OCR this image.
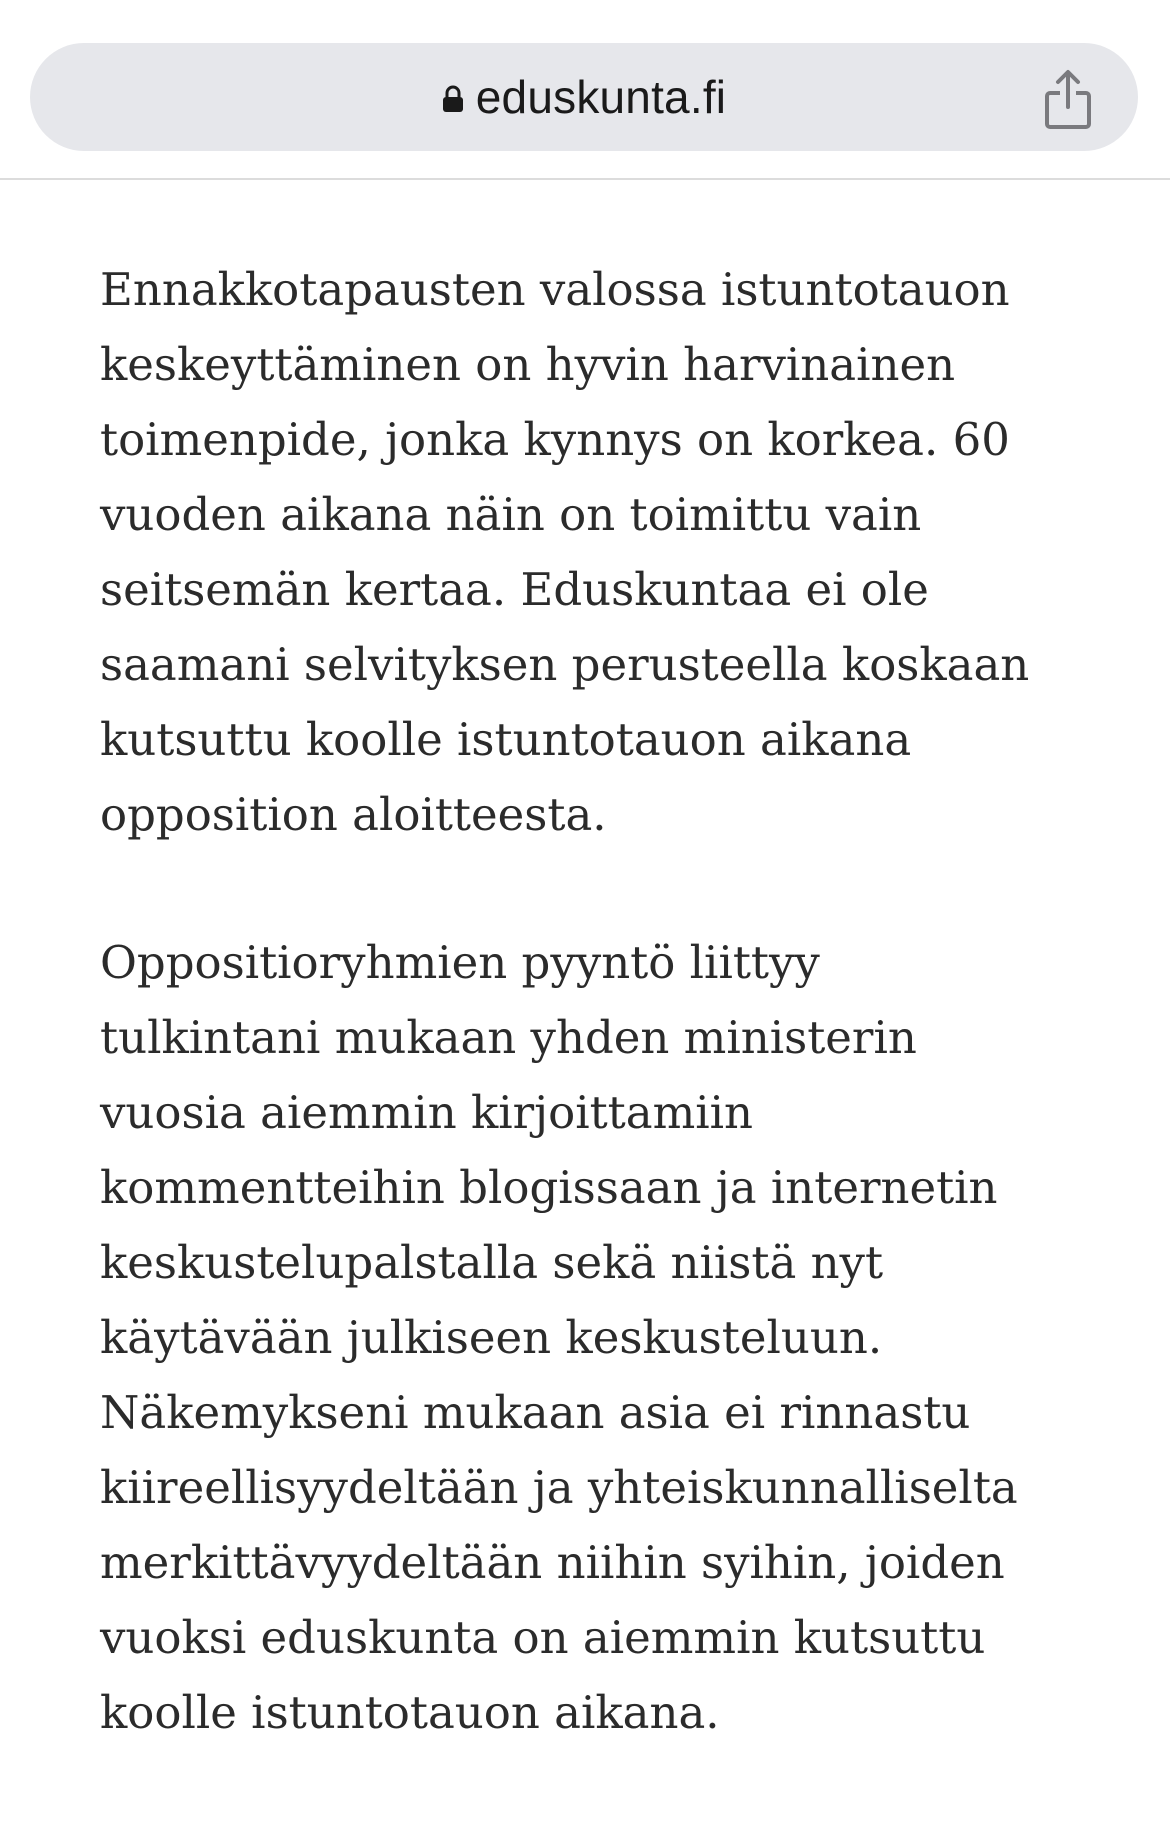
eduskunta.fi

Ennakkotapausten valossa istuntotauon
keskeyttäminen on hyvin harvinainen
toimenpide, jonka kynnys on korkea. 60
vuoden aikana näin on toimittu vain
seitsemän kertaa. Eduskuntaa ei ole
saamani selvityksen perusteella koskaan
kutsuttu koolle istuntotauon aikana
opposition aloitteesta.

Oppositioryhmien pyyntö liittyy
tulkintani mukaan yhden ministerin
vuosia aiemmin kirjoittamiin
kommentteihin blogissaan ja internetin
keskustelupalstalla sekä niistä nyt
käytävään julkiseen keskusteluun.
Näkemykseni mukaan asia ei rinnastu
kiireellisyydeltään ja yhteiskunnalliselta
merkittävyydeltään niihin syihin, joiden
vuoksi eduskunta on aiemmin kutsuttu
koolle istuntotauon aikana.
